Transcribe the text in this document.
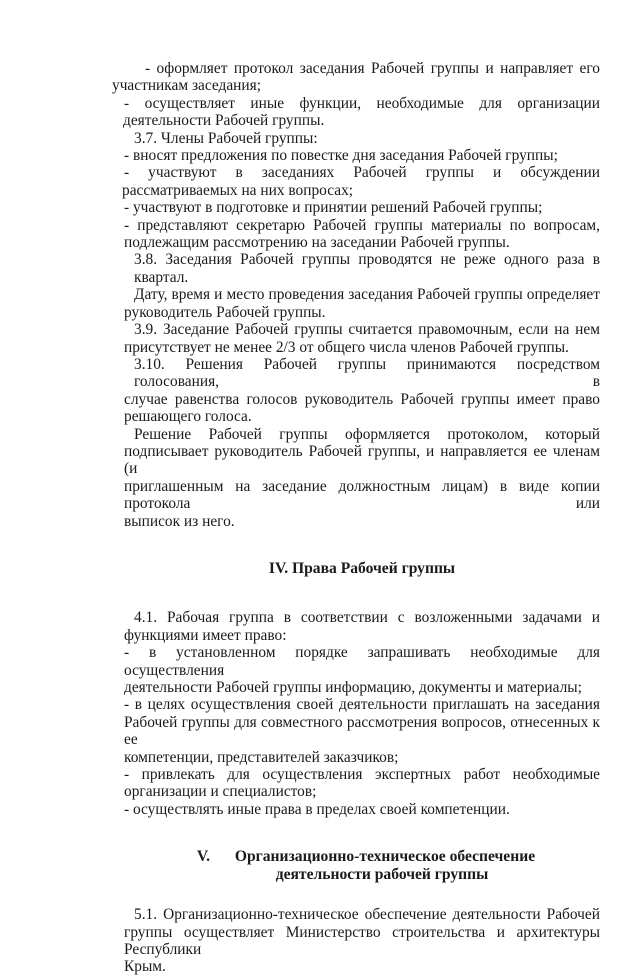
- оформляет протокол заседания Рабочей группы и направляет его
участникам заседания;
- осуществляет иные функции, необходимые для организации
деятельности Рабочей группы.
3.7. Члены Рабочей группы:
- вносят предложения по повестке дня заседания Рабочей группы;
- участвуют в заседаниях Рабочей группы и обсуждении
рассматриваемых на них вопросах;
- участвуют в подготовке и принятии решений Рабочей группы;
- представляют секретарю Рабочей группы материалы по вопросам,
подлежащим рассмотрению на заседании Рабочей группы.
3.8. Заседания Рабочей группы проводятся не реже одного раза в квартал.
Дату, время и место проведения заседания Рабочей группы определяет
руководитель Рабочей группы.
3.9. Заседание Рабочей группы считается правомочным, если на нем
присутствует не менее 2/3 от общего числа членов Рабочей группы.
3.10. Решения Рабочей группы принимаются посредством голосования, в
случае равенства голосов руководитель Рабочей группы имеет право
решающего голоса.
Решение Рабочей группы оформляется протоколом, который
подписывает руководитель Рабочей группы, и направляется ее членам (и
приглашенным на заседание должностным лицам) в виде копии протокола или
выписок из него.
IV. Права Рабочей группы
4.1. Рабочая группа в соответствии с возложенными задачами и
функциями имеет право:
- в установленном порядке запрашивать необходимые для осуществления
деятельности Рабочей группы информацию, документы и материалы;
- в целях осуществления своей деятельности приглашать на заседания
Рабочей группы для совместного рассмотрения вопросов, отнесенных к ее
компетенции, представителей заказчиков;
- привлекать для осуществления экспертных работ необходимые
организации и специалистов;
- осуществлять иные права в пределах своей компетенции.
V. Организационно-техническое обеспечение
деятельности рабочей группы
5.1. Организационно-техническое обеспечение деятельности Рабочей
группы осуществляет Министерство строительства и архитектуры Республики
Крым.
